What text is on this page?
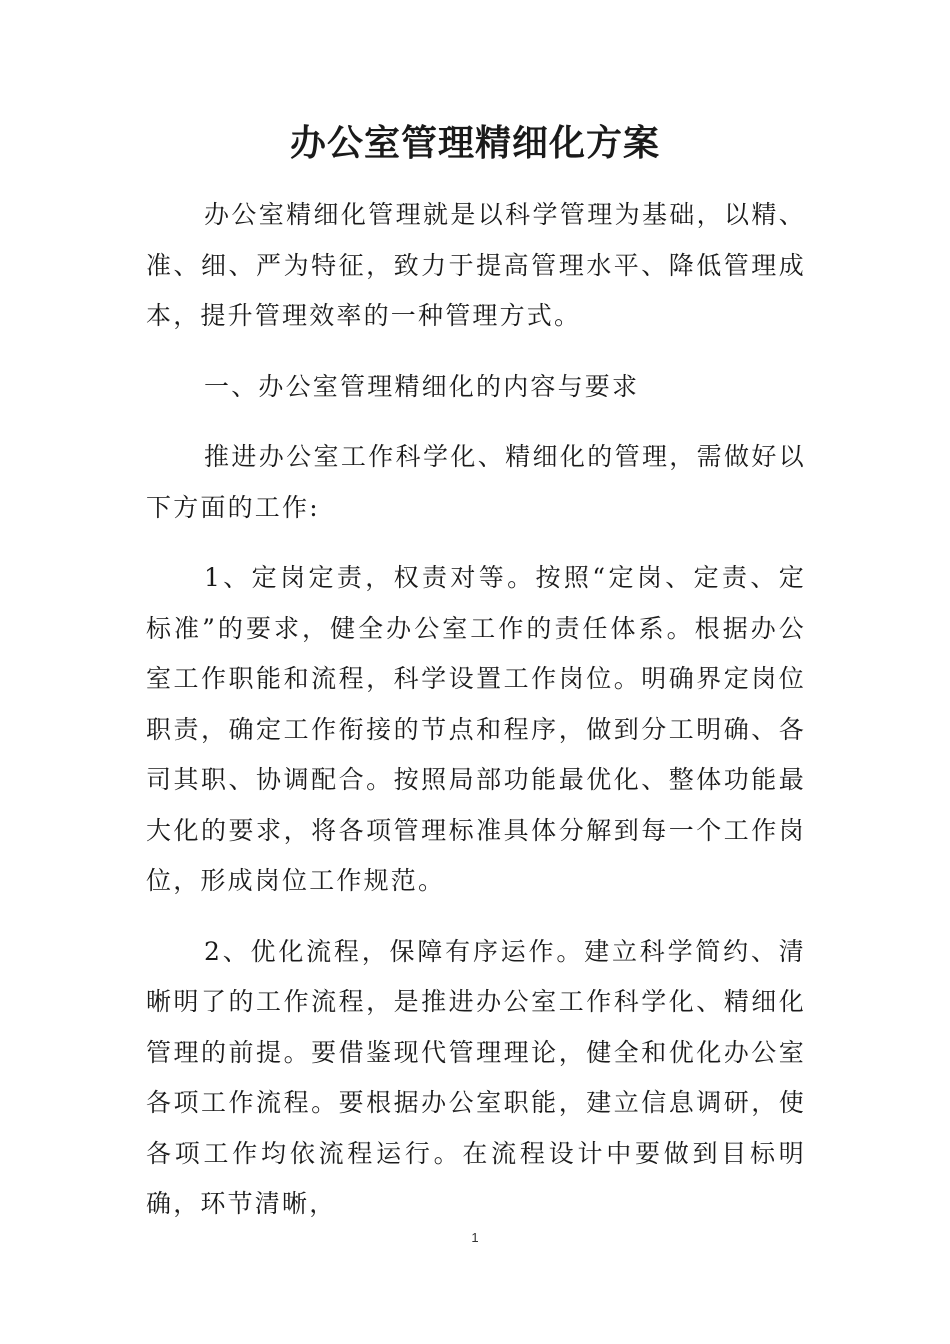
办公室管理精细化方案

办公室精细化管理就是以科学管理为基础，以精、准、细、严为特征，致力于提高管理水平、降低管理成本，提升管理效率的一种管理方式。

一、办公室管理精细化的内容与要求

推进办公室工作科学化、精细化的管理，需做好以下方面的工作:

1、定岗定责，权责对等。按照“定岗、定责、定标准”的要求，健全办公室工作的责任体系。根据办公室工作职能和流程，科学设置工作岗位。明确界定岗位职责，确定工作衔接的节点和程序，做到分工明确、各司其职、协调配合。按照局部功能最优化、整体功能最大化的要求，将各项管理标准具体分解到每一个工作岗位，形成岗位工作规范。

2、优化流程，保障有序运作。建立科学简约、清晰明了的工作流程，是推进办公室工作科学化、精细化管理的前提。要借鉴现代管理理论，健全和优化办公室各项工作流程。要根据办公室职能，建立信息调研，使各项工作均依流程运行。在流程设计中要做到目标明确，环节清晰，

1
